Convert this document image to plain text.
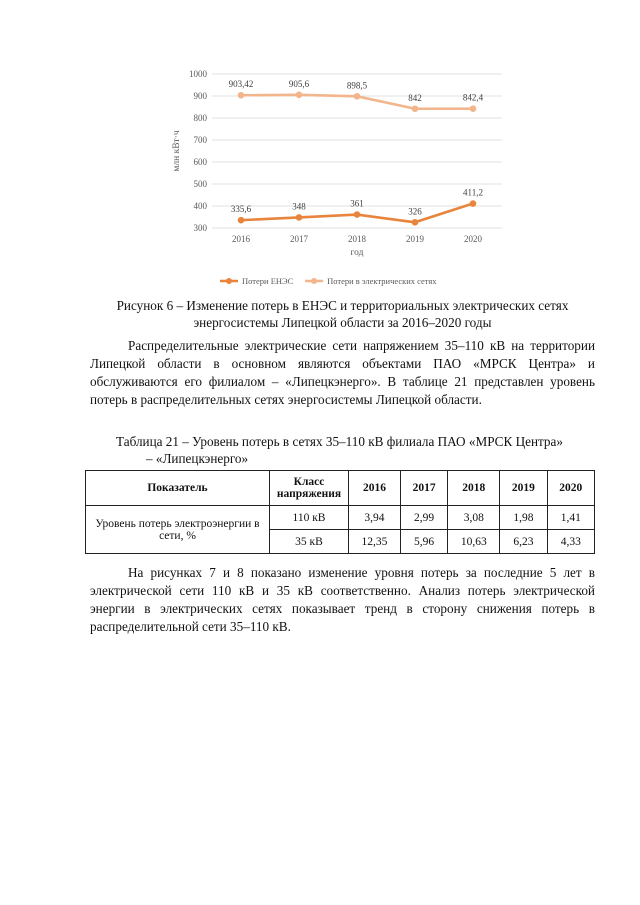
1000
900
800
700
600
500
400
300
2016	2017	2018	2019	2020
год
млн кВт·ч
335,6	348	361
326
411,2
903,42	905,6	898,5
842	842,4
Потери ЕНЭС	Потери в электрических сетях
Рисунок 6 – Изменение потерь в ЕНЭС и территориальных электрических сетях энергосистемы Липецкой области за 2016–2020 годы

Распределительные электрические сети напряжением 35–110 кВ на территории Липецкой области в основном являются объектами ПАО «МРСК Центра» и обслуживаются его филиалом – «Липецкэнерго». В таблице 21 представлен уровень потерь в распределительных сетях энергосистемы Липецкой области.

Таблица 21 – Уровень потерь в сетях 35–110 кВ филиала ПАО «МРСК Центра»
– «Липецкэнерго»
Показатель	Класс напряжения	2016	2017	2018	2019	2020
Уровень потерь электроэнергии в сети, %	110 кВ	3,94	2,99	3,08	1,98	1,41
	35 кВ	12,35	5,96	10,63	6,23	4,33

На рисунках 7 и 8 показано изменение уровня потерь за последние 5 лет в электрической сети 110 кВ и 35 кВ соответственно. Анализ потерь электрической энергии в электрических сетях показывает тренд в сторону снижения потерь в распределительной сети 35–110 кВ.
